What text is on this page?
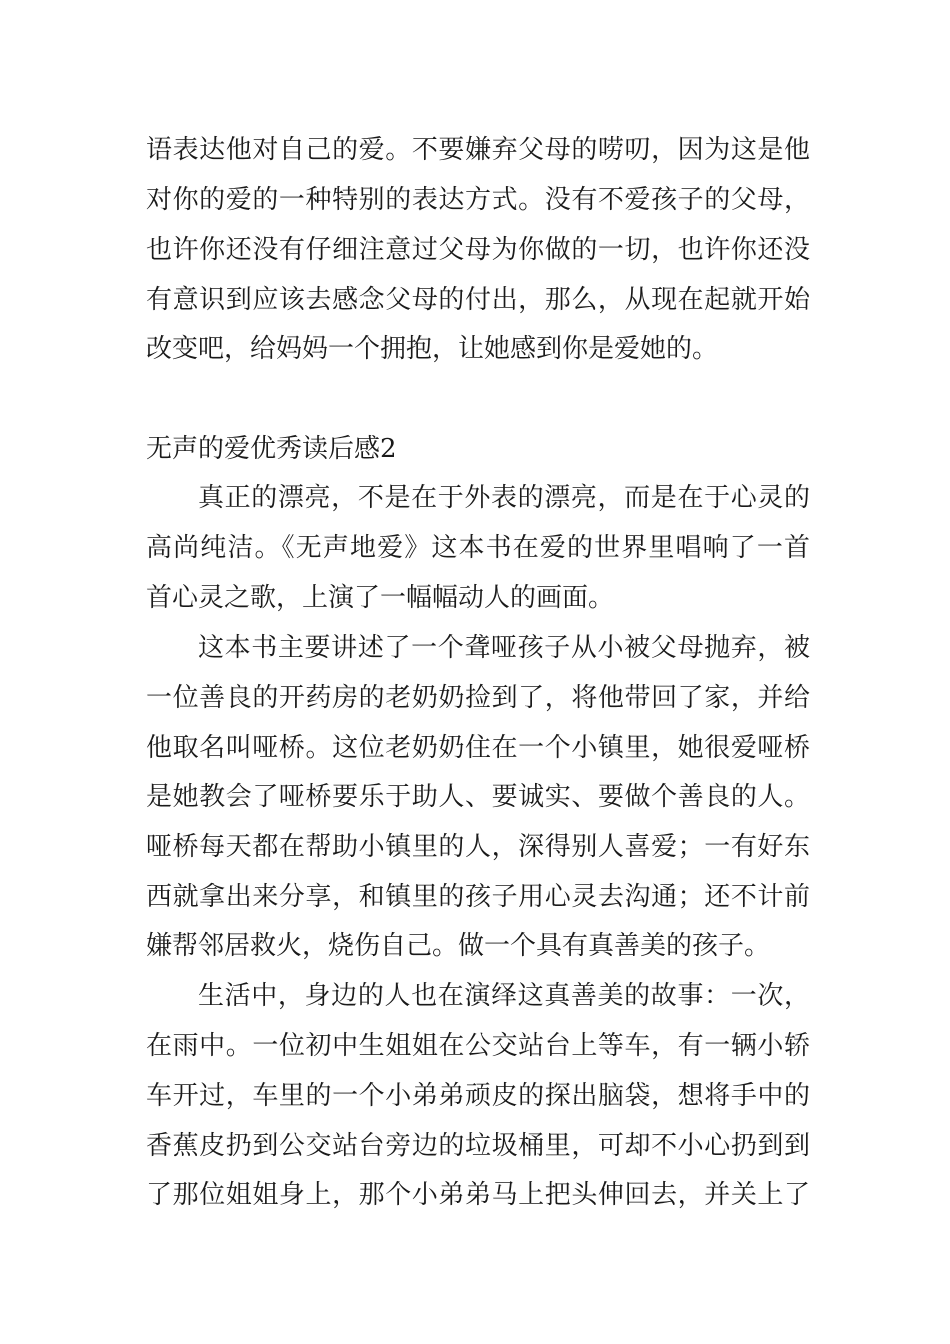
语表达他对自己的爱。不要嫌弃父母的唠叨，因为这是他
对你的爱的一种特别的表达方式。没有不爱孩子的父母，
也许你还没有仔细注意过父母为你做的一切，也许你还没
有意识到应该去感念父母的付出，那么，从现在起就开始
改变吧，给妈妈一个拥抱，让她感到你是爱她的。
无声的爱优秀读后感2
真正的漂亮，不是在于外表的漂亮，而是在于心灵的
高尚纯洁。《无声地爱》这本书在爱的世界里唱响了一首
首心灵之歌，上演了一幅幅动人的画面。
这本书主要讲述了一个聋哑孩子从小被父母抛弃，被
一位善良的开药房的老奶奶捡到了，将他带回了家，并给
他取名叫哑桥。这位老奶奶住在一个小镇里，她很爱哑桥
是她教会了哑桥要乐于助人、要诚实、要做个善良的人。
哑桥每天都在帮助小镇里的人，深得别人喜爱；一有好东
西就拿出来分享，和镇里的孩子用心灵去沟通；还不计前
嫌帮邻居救火，烧伤自己。做一个具有真善美的孩子。
生活中，身边的人也在演绎这真善美的故事：一次，
在雨中。一位初中生姐姐在公交站台上等车，有一辆小轿
车开过，车里的一个小弟弟顽皮的探出脑袋，想将手中的
香蕉皮扔到公交站台旁边的垃圾桶里，可却不小心扔到到
了那位姐姐身上，那个小弟弟马上把头伸回去，并关上了
